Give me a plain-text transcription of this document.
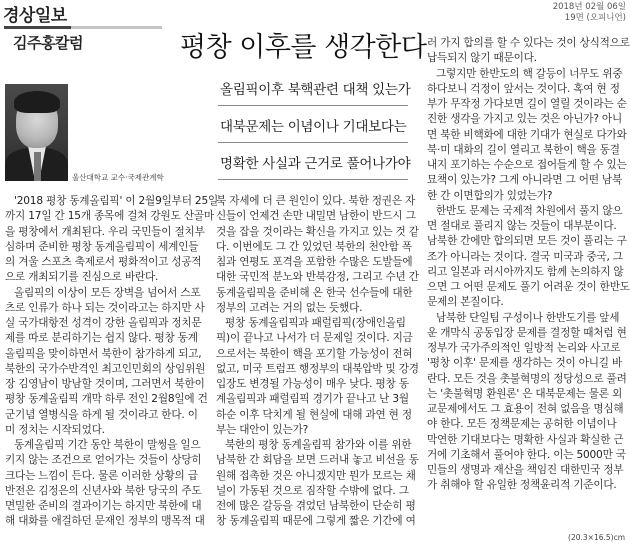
경상일보	2018년 02월 06일
19면 (오피니언)
김주홍칼럼	평창 이후를 생각한다
울산대학교 교수·국제관계학
올림픽이후 북핵관련 대책 있는가
대북문제는 이념이나 기대보다는
명확한 사실과 근거로 풀어나가야

'2018 평창 동계올림픽' 이 2월9일부터 25일

까지 17일 간 15개 종목에 걸쳐 강원도 산골마

을 평창에서 개최된다. 우리 국민들이 절치부

심하며 준비한 평창 동계올림픽이 세계인들

의 겨울 스포츠 축제로서 평화적이고 성공적

으로 개최되기를 진심으로 바란다.

올림픽의 이상이 모든 장벽을 넘어서 스포

츠로 인류가 하나 되는 것이라고는 하지만 사

실 국가대항전 성격이 강한 올림픽과 정치문

제를 따로 분리하기는 쉽지 않다. 평창 동계

올림픽을 맞이하면서 북한이 참가하게 되고,

북한의 국가수반격인 최고인민회의 상임위원

장 김영남이 방남할 것이며, 그러면서 북한이

평창 동계올림픽 개막 하루 전인 2월8일에 건

군기념 열병식을 하게 될 것이라고 한다. 이

미 정치는 시작되었다.

동계올림픽 기간 동안 북한이 말썽을 일으

키지 않는 조건으로 얻어가는 것들이 상당히

크다는 느낌이 든다. 물론 이러한 상황의 급

반전은 김정은의 신년사와 북한 당국의 주도

면밀한 준비의 결과이기는 하지만 북한에 대

해 대화를 애걸하던 문재인 정부의 맹목적 대

북 자세에 더 큰 원인이 있다. 북한 정권은 자

신들이 언제건 손만 내밀면 남한이 반드시 그

것을 잡을 것이라는 확신을 가지고 있는 것 같

다. 이번에도 그 간 있었던 북한의 천안함 폭

침과 연평도 포격을 포함한 수많은 도발들에

대한 국민적 분노와 반북감정, 그리고 수년 간

동계올림픽을 준비해 온 한국 선수들에 대한

정부의 고려는 거의 없는 듯했다.

평창 동계올림픽과 패럴림픽(장애인올림

픽)이 끝나고 나서가 더 문제일 것이다. 지금

으로서는 북한이 핵을 포기할 가능성이 전혀

없고, 미국 트럼프 행정부의 대북압박 및 강경

입장도 변경될 가능성이 매우 낮다. 평창 동

계올림픽과 패럴림픽 경기가 끝나고 난 3월

하순 이후 닥치게 될 현실에 대해 과연 현 정

부는 대안이 있는가?

북한의 평창 동계올림픽 참가와 이를 위한

남북한 간 회담을 보면 드러내 놓고 비선을 동

원해 접촉한 것은 아니겠지만 뭔가 모르는 채

널이 가동된 것으로 짐작할 수밖에 없다. 그

전에 많은 갈등을 겪었던 남북한이 단순히 평

창 동계올림픽 때문에 그렇게 짧은 기간에 여

러 가지 합의를 할 수 있다는 것이 상식적으로

납득되지 않기 때문이다.

그렇지만 한반도의 핵 갈등이 너무도 위중

하다보니 걱정이 앞서는 것이다. 혹여 현 정

부가 무작정 가다보면 길이 열릴 것이라는 순

진한 생각을 가지고 있는 것은 아닌가? 아니

면 북한 비핵화에 대한 기대가 현실로 다가와

북·미 대화의 길이 열리고 북한이 핵을 동결

내지 포기하는 수순으로 접어들게 할 수 있는

묘책이 있는가? 그게 아니라면 그 어떤 남북

한 간 이면합의가 있었는가?

한반도 문제는 국제적 차원에서 풀지 않으

면 절대로 풀리지 않는 것들이 대부분이다.

남북한 간에만 합의되면 모든 것이 풀리는 구

조가 아니라는 것이다. 결국 미국과 중국, 그

리고 일본과 러시아까지도 함께 논의하지 않

으면 그 어떤 문제도 풀기 어려운 것이 한반도

문제의 본질이다.

남북한 단일팀 구성이나 한반도기를 앞세

운 개막식 공동입장 문제를 결정할 때처럼 현

정부가 국가주의적인 일방적 논리와 사고로

'평창 이후' 문제를 생각하는 것이 아니길 바

란다. 모든 것을 촛불혁명의 정당성으로 풀려

는 '촛불혁명 환원론' 은 대북문제는 물론 외

교문제에서도 그 효용이 전혀 없음을 명심해

야 한다. 모든 정책문제는 공허한 이념이나

막연한 기대보다는 명확한 사실과 확실한 근

거에 기초해서 풀어야 한다. 이는 5000만 국

민들의 생명과 재산을 책임진 대한민국 정부

가 취해야 할 유일한 정책윤리적 기준이다.

(20.3×16.5)cm
